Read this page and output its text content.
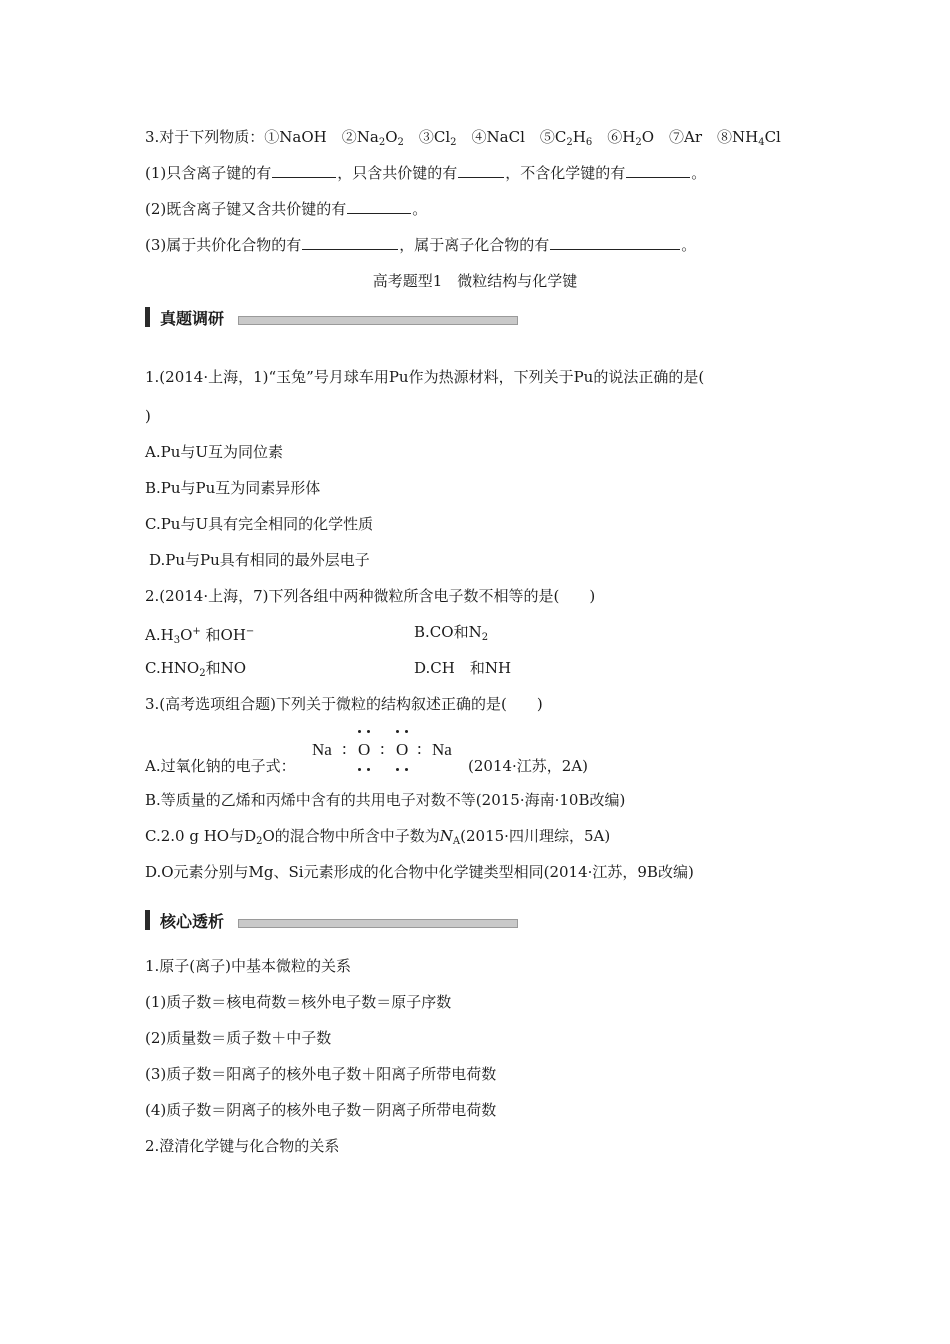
3.对于下列物质：①NaOH　$②Na_2O_2$　$③Cl_2$　④NaCl　$⑤C_2H_6$　$⑥H_2O$　⑦Ar　$⑧NH_4Cl$
(1)只含离子键的有	，只含共价键的有	，不含化学键的有	。
(2)既含离子键又含共价键的有	。
(3)属于共价化合物的有	，属于离子化合物的有	。
高考题型1　微粒结构与化学键
真题调研
1.(2014·上海，1)“玉兔”号月球车用Pu作为热源材料，下列关于Pu的说法正确的是(
)
A.Pu与U互为同位素
B.Pu与Pu互为同素异形体
C.Pu与U具有完全相同的化学性质
D.Pu与Pu具有相同的最外层电子
2.(2014·上海，7)下列各组中两种微粒所含电子数不相等的是(　　)
$A.H_3O^+$ 和OH−	B.CO和$N_2$
$C.HNO_2$和NO	D.CH　和NH
3.(高考选项组合题)下列关于微粒的结构叙述正确的是(　　)
A.过氧化钠的电子式：
Na : O : O : Na
(2014·江苏，2A)
B.等质量的乙烯和丙烯中含有的共用电子对数不等(2015·海南·10B改编)
C.2.0 g HO与$D_2O$的混合物中所含中子数为$N_A(2015\cdot$四川理综，5A)
D.O元素分别与Mg、Si元素形成的化合物中化学键类型相同(2014·江苏，9B改编)
核心透析
1.原子(离子)中基本微粒的关系
(1)质子数＝核电荷数＝核外电子数＝原子序数
(2)质量数＝质子数＋中子数
(3)质子数＝阳离子的核外电子数＋阳离子所带电荷数
(4)质子数＝阴离子的核外电子数－阴离子所带电荷数
2.澄清化学键与化合物的关系
